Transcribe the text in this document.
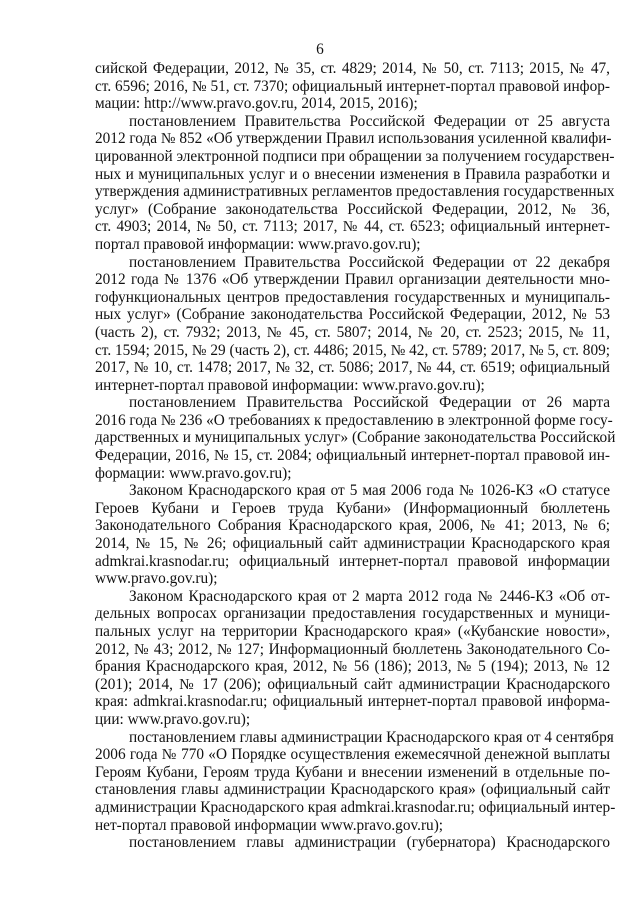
6

сийской Федерации, 2012, № 35, ст. 4829; 2014, № 50, ст. 7113; 2015, № 47,
ст. 6596; 2016, № 51, ст. 7370; официальный интернет-портал правовой инфор-
мации: http://www.pravo.gov.ru, 2014, 2015, 2016);

постановлением Правительства Российской Федерации от 25 августа
2012 года № 852 «Об утверждении Правил использования усиленной квалифи-
цированной электронной подписи при обращении за получением государствен-
ных и муниципальных услуг и о внесении изменения в Правила разработки и
утверждения административных регламентов предоставления государственных
услуг» (Собрание законодательства Российской Федерации, 2012, № 36,
ст. 4903; 2014, № 50, ст. 7113; 2017, № 44, ст. 6523; официальный интернет-
портал правовой информации: www.pravo.gov.ru);

постановлением Правительства Российской Федерации от 22 декабря
2012 года № 1376 «Об утверждении Правил организации деятельности мно-
гофункциональных центров предоставления государственных и муниципаль-
ных услуг» (Собрание законодательства Российской Федерации, 2012, № 53
(часть 2), ст. 7932; 2013, № 45, ст. 5807; 2014, № 20, ст. 2523; 2015, № 11,
ст. 1594; 2015, № 29 (часть 2), ст. 4486; 2015, № 42, ст. 5789; 2017, № 5, ст. 809;
2017, № 10, ст. 1478; 2017, № 32, ст. 5086; 2017, № 44, ст. 6519; официальный
интернет-портал правовой информации: www.pravo.gov.ru);

постановлением Правительства Российской Федерации от 26 марта
2016 года № 236 «О требованиях к предоставлению в электронной форме госу-
дарственных и муниципальных услуг» (Собрание законодательства Российской
Федерации, 2016, № 15, ст. 2084; официальный интернет-портал правовой ин-
формации: www.pravo.gov.ru);

Законом Краснодарского края от 5 мая 2006 года № 1026-КЗ «О статусе
Героев Кубани и Героев труда Кубани» (Информационный бюллетень
Законодательного Собрания Краснодарского края, 2006, № 41; 2013, № 6;
2014, № 15, № 26; официальный сайт администрации Краснодарского края
admkrai.krasnodar.ru; официальный интернет-портал правовой информации
www.pravo.gov.ru);

Законом Краснодарского края от 2 марта 2012 года № 2446-КЗ «Об от-
дельных вопросах организации предоставления государственных и муници-
пальных услуг на территории Краснодарского края» («Кубанские новости»,
2012, № 43; 2012, № 127; Информационный бюллетень Законодательного Со-
брания Краснодарского края, 2012, № 56 (186); 2013, № 5 (194); 2013, № 12
(201); 2014, № 17 (206); официальный сайт администрации Краснодарского
края: admkrai.krasnodar.ru; официальный интернет-портал правовой информа-
ции: www.pravo.gov.ru);

постановлением главы администрации Краснодарского края от 4 сентября
2006 года № 770 «О Порядке осуществления ежемесячной денежной выплаты
Героям Кубани, Героям труда Кубани и внесении изменений в отдельные по-
становления главы администрации Краснодарского края» (официальный сайт
администрации Краснодарского края admkrai.krasnodar.ru; официальный интер-
нет-портал правовой информации www.pravo.gov.ru);

постановлением главы администрации (губернатора) Краснодарского
